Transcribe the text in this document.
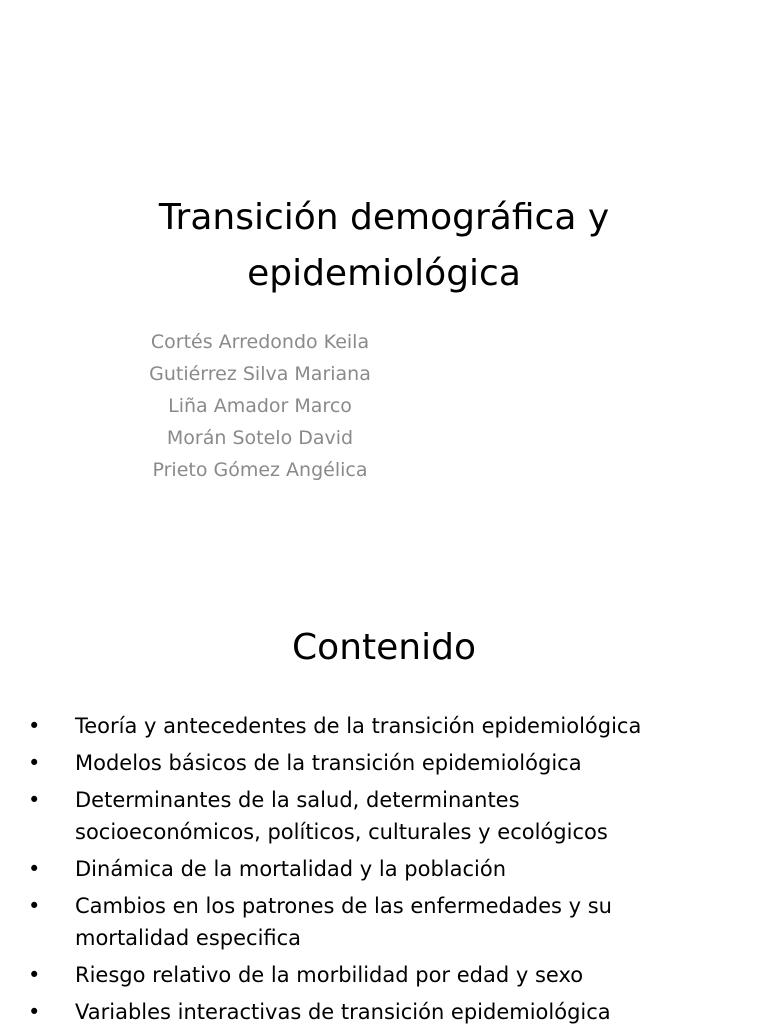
Transición demográfica y
epidemiológica
Cortés Arredondo Keila
Gutiérrez Silva Mariana
Liña Amador Marco
Morán Sotelo David
Prieto Gómez Angélica
Contenido
• Teoría y antecedentes de la transición epidemiológica
• Modelos básicos de la transición epidemiológica
• Determinantes de la salud, determinantes
socioeconómicos, políticos, culturales y ecológicos
• Dinámica de la mortalidad y la población
• Cambios en los patrones de las enfermedades y su
mortalidad especifica
• Riesgo relativo de la morbilidad por edad y sexo
• Variables interactivas de transición epidemiológica
